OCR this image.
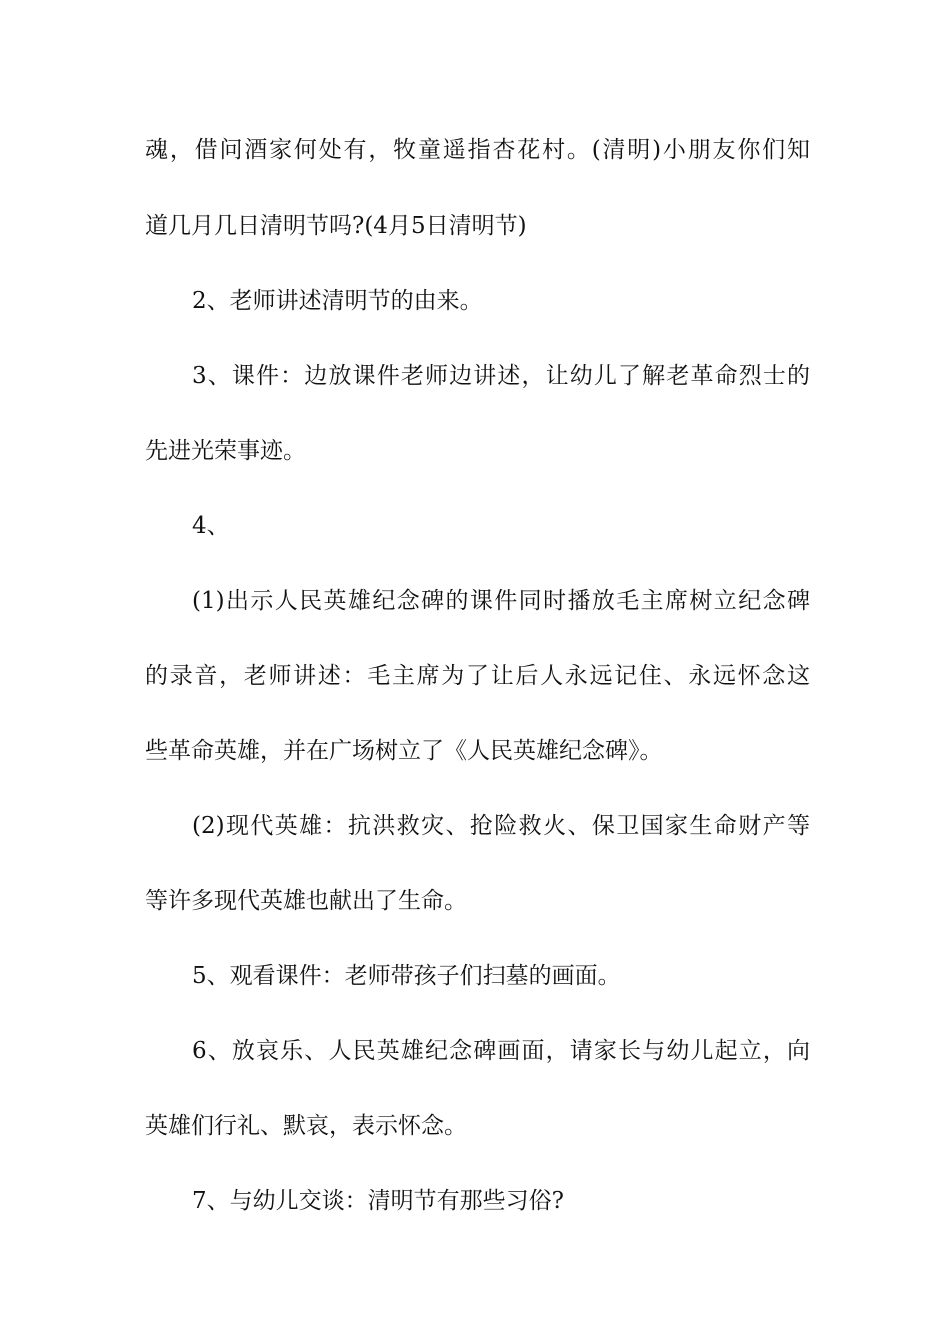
魂，借问酒家何处有，牧童遥指杏花村。(清明)小朋友你们知

道几月几日清明节吗?(4月5日清明节)

2、老师讲述清明节的由来。

3、课件：边放课件老师边讲述，让幼儿了解老革命烈士的

先进光荣事迹。

4、

(1)出示人民英雄纪念碑的课件同时播放毛主席树立纪念碑

的录音，老师讲述：毛主席为了让后人永远记住、永远怀念这

些革命英雄，并在广场树立了《人民英雄纪念碑》。

(2)现代英雄：抗洪救灾、抢险救火、保卫国家生命财产等

等许多现代英雄也献出了生命。

5、观看课件：老师带孩子们扫墓的画面。

6、放哀乐、人民英雄纪念碑画面，请家长与幼儿起立，向

英雄们行礼、默哀，表示怀念。

7、与幼儿交谈：清明节有那些习俗?
